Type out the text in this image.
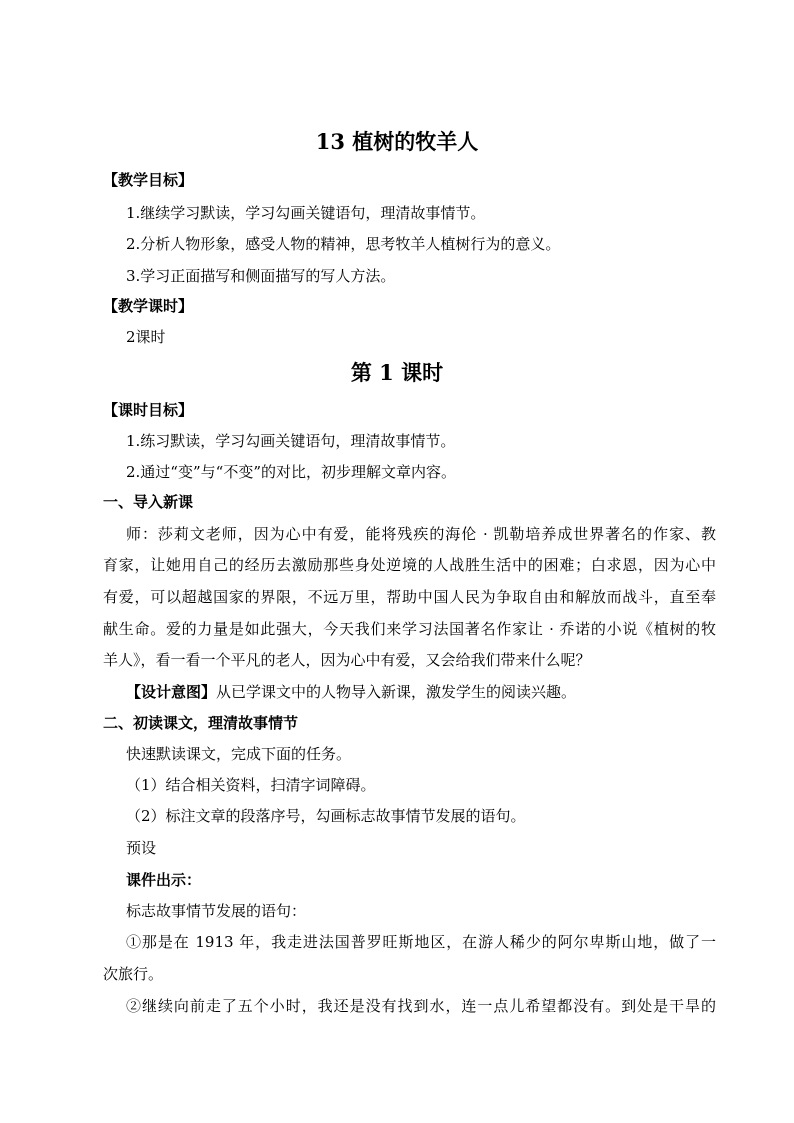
13 植树的牧羊人
【教学目标】
1.继续学习默读，学习勾画关键语句，理清故事情节。
2.分析人物形象，感受人物的精神，思考牧羊人植树行为的意义。
3.学习正面描写和侧面描写的写人方法。
【教学课时】
2课时
第 1 课时
【课时目标】
1.练习默读，学习勾画关键语句，理清故事情节。
2.通过“变”与“不变”的对比，初步理解文章内容。
一、导入新课
师：莎莉文老师，因为心中有爱，能将残疾的海伦 · 凯勒培养成世界著名的作家、教
育家，让她用自己的经历去激励那些身处逆境的人战胜生活中的困难；白求恩，因为心中
有爱，可以超越国家的界限，不远万里，帮助中国人民为争取自由和解放而战斗，直至奉
献生命。爱的力量是如此强大，今天我们来学习法国著名作家让 · 乔诺的小说《植树的牧
羊人》，看一看一个平凡的老人，因为心中有爱，又会给我们带来什么呢？
【设计意图】从已学课文中的人物导入新课，激发学生的阅读兴趣。
二、初读课文，理清故事情节
快速默读课文，完成下面的任务。
（1）结合相关资料，扫清字词障碍。
（2）标注文章的段落序号，勾画标志故事情节发展的语句。
预设
课件出示：
标志故事情节发展的语句：
①那是在 1913 年，我走进法国普罗旺斯地区，在游人稀少的阿尔卑斯山地，做了一
次旅行。
②继续向前走了五个小时，我还是没有找到水，连一点儿希望都没有。到处是干旱的
